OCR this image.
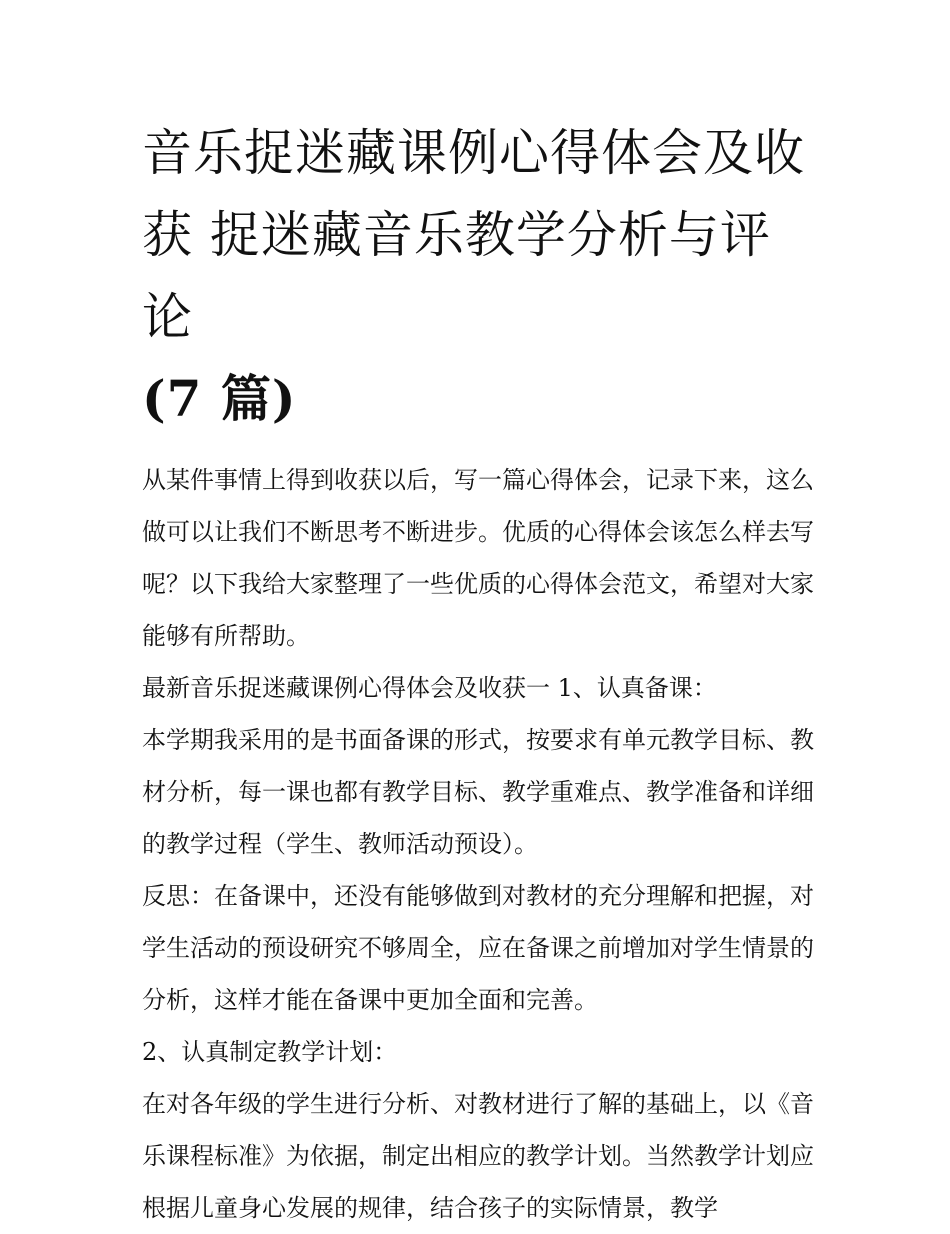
音乐捉迷藏课例心得体会及收获 捉迷藏音乐教学分析与评论
(7 篇)

从某件事情上得到收获以后，写一篇心得体会，记录下来，这么做可以让我们不断思考不断进步。优质的心得体会该怎么样去写呢？以下我给大家整理了一些优质的心得体会范文，希望对大家能够有所帮助。

最新音乐捉迷藏课例心得体会及收获一 1、认真备课：

本学期我采用的是书面备课的形式，按要求有单元教学目标、教材分析，每一课也都有教学目标、教学重难点、教学准备和详细的教学过程（学生、教师活动预设）。

反思：在备课中，还没有能够做到对教材的充分理解和把握，对学生活动的预设研究不够周全，应在备课之前增加对学生情景的分析，这样才能在备课中更加全面和完善。

2、认真制定教学计划：

在对各年级的学生进行分析、对教材进行了解的基础上，以《音乐课程标准》为依据，制定出相应的教学计划。当然教学计划应根据儿童身心发展的规律，结合孩子的实际情景，教学
